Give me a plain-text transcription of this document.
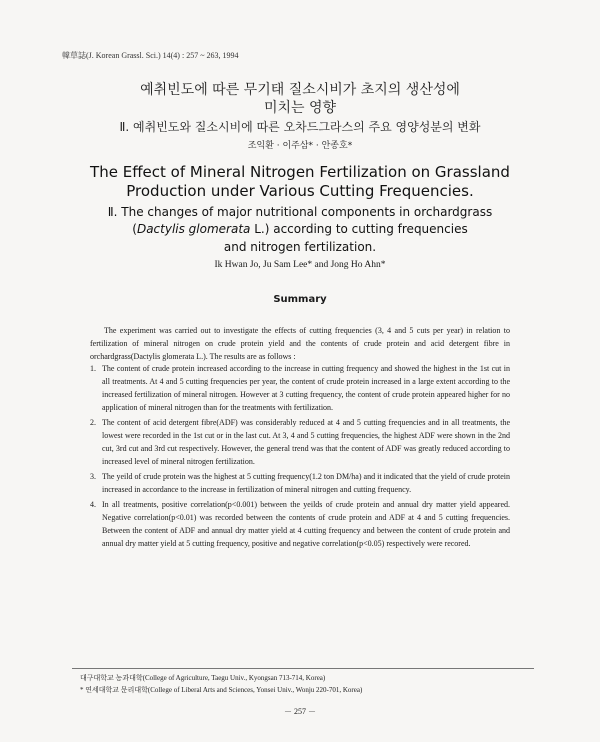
韓草誌(J. Korean Grassl. Sci.) 14(4) : 257 ~ 263, 1994
예취빈도에 따른 무기태 질소시비가 초지의 생산성에
미치는 영향
Ⅱ. 예취빈도와 질소시비에 따른 오차드그라스의 주요 영양성분의 변화
조익환 · 이주삼* · 안종호*
The Effect of Mineral Nitrogen Fertilization on Grassland
Production under Various Cutting Frequencies.
Ⅱ. The changes of major nutritional components in orchardgrass
(Dactylis glomerata L.) according to cutting frequencies
and nitrogen fertilization.
Ik Hwan Jo, Ju Sam Lee* and Jong Ho Ahn*
Summary
The experiment was carried out to investigate the effects of cutting frequencies (3, 4 and 5 cuts per year) in relation to fertilization of mineral nitrogen on crude protein yield and the contents of crude protein and acid detergent fibre in orchardgrass(Dactylis glomerata L.). The results are as follows :
1. The content of crude protein increased according to the increase in cutting frequency and showed the highest in the 1st cut in all treatments. At 4 and 5 cutting frequencies per year, the content of crude protein increased in a large extent according to the increased fertilization of mineral nitrogen. However at 3 cutting frequency, the content of crude protein appeared higher for no application of mineral nitrogen than for the treatments with fertilization.
2. The content of acid detergent fibre(ADF) was considerably reduced at 4 and 5 cutting frequencies and in all treatments, the lowest were recorded in the 1st cut or in the last cut. At 3, 4 and 5 cutting frequencies, the highest ADF were shown in the 2nd cut, 3rd cut and 3rd cut respectively. However, the general trend was that the content of ADF was greatly reduced according to increased level of mineral nitrogen fertilization.
3. The yeild of crude protein was the highest at 5 cutting frequency(1.2 ton DM/ha) and it indicated that the yield of crude protein increased in accordance to the increase in fertilization of mineral nitrogen and cutting frequency.
4. In all treatments, positive correlation(p<0.001) between the yeilds of crude protein and annual dry matter yield appeared. Negative correlation(p<0.01) was recorded between the contents of crude protein and ADF at 4 and 5 cutting frequencies. Between the content of ADF and annual dry matter yield at 4 cutting frequency and between the content of crude protein and annual dry matter yield at 5 cutting frequency, positive and negative correlation(p<0.05) respectively were recored.
대구대학교 농과대학(College of Agriculture, Taegu Univ., Kyongsan 713-714, Korea)
* 연세대학교 문리대학(College of Liberal Arts and Sciences, Yonsei Univ., Wonju 220-701, Korea)
－ 257 －
